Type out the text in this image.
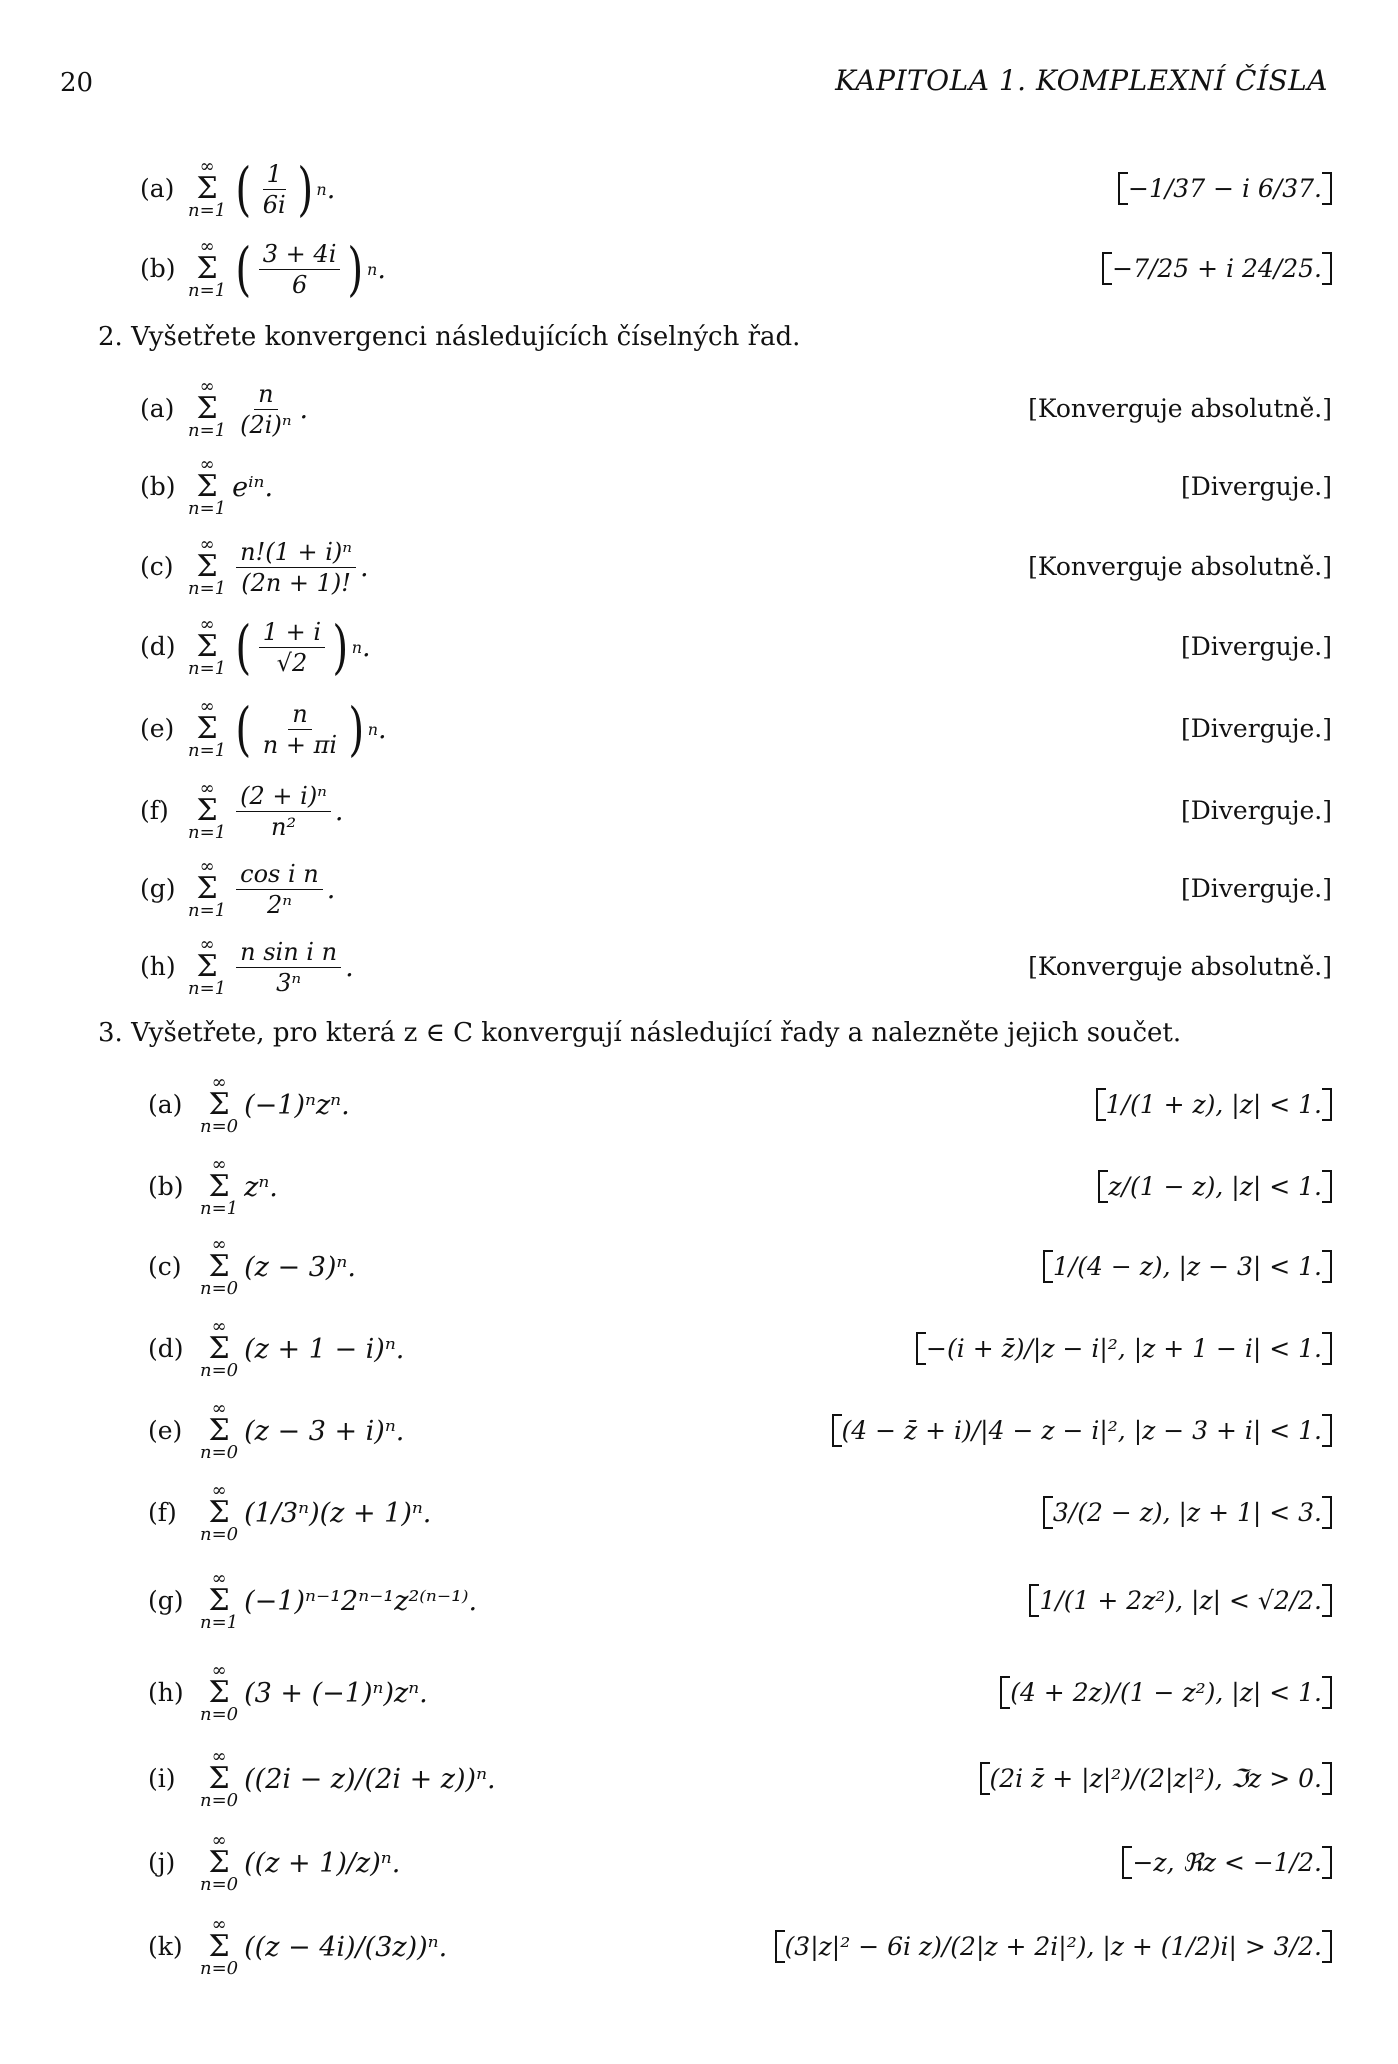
20	KAPITOLA 1. KOMPLEXNÍ ČÍSLA
(a)
∞
Σ
n=1 ( $\frac{1}{6i}$ ) n .	−1/37 − i 6/37.
(b)
∞
Σ
n=1 ( $\frac{3 + 4i}{6}$ ) n .	−7/25 + i 24/25.
2. Vyšetřete konvergenci následujících číselných řad.
(a)
∞
Σ
$n=1 \frac{n}{\text{(2i)ⁿ}}$ .	[Konverguje absolutně.]
(b)
∞
Σ
n=1
eⁱⁿ.	[Diverguje.]
(c)
∞
Σ
$n=1 \frac{\text{n!(1 + i)ⁿ}}{(2n + 1)!}$ .	[Konverguje absolutně.]
(d)
∞
Σ
n=1 ( $\frac{1 + i}{√2}$ ) n .	[Diverguje.]
(e)
∞
Σ
n=1 ( $\frac{n}{n + \pi i}$ ) n .	[Diverguje.]
(f)
∞
Σ
$n=1 \frac{\text{(2 + i)ⁿ}}{\text{n²}}$ .	[Diverguje.]
(g)
∞
Σ
$n=1 \frac{\text{cos i n}}{\text{2ⁿ}}$ .	[Diverguje.]
(h)
∞
Σ
$n=1 \frac{\text{n sin i n}}{\text{3ⁿ}}$ .	[Konverguje absolutně.]
3. Vyšetřete, pro která z ∈ C konvergují následující řady a nalezněte jejich součet.
(a)
∞
Σ
n=0
(−1)ⁿzⁿ.	1/(1 + z), |z| < 1.
(b)
∞
Σ
n=1
zⁿ.	z/(1 − z), |z| < 1.
(c)
∞
Σ
n=0
(z − 3)ⁿ.	1/(4 − z), |z − 3| < 1.
(d)
∞
Σ
n=0
(z + 1 − i)ⁿ.	−(i + z̄)/|z − i|², |z + 1 − i| < 1.
(e)
∞
Σ
n=0
(z − 3 + i)ⁿ.	(4 − z̄ + i)/|4 − z − i|², |z − 3 + i| < 1.
(f)
∞
Σ
n=0
(1/3ⁿ)(z + 1)ⁿ.	3/(2 − z), |z + 1| < 3.
(g)
∞
Σ
n=1
(−1)ⁿ⁻¹2ⁿ⁻¹z²⁽ⁿ⁻¹⁾.	1/(1 + 2z²), |z| < √2/2.
(h)
∞
Σ
n=0
(3 + (−1)ⁿ)zⁿ.	(4 + 2z)/(1 − z²), |z| < 1.
(i)
∞
Σ
n=0
((2i − z)/(2i + z))ⁿ.	(2i z̄ + |z|²)/(2|z|²), ℑz > 0.
(j)
∞
Σ
n=0
((z + 1)/z)ⁿ.	−z, ℜz < −1/2.
(k)
∞
Σ
n=0
((z − 4i)/(3z))ⁿ.	(3|z|² − 6i z)/(2|z + 2i|²), |z + (1/2)i| > 3/2.
